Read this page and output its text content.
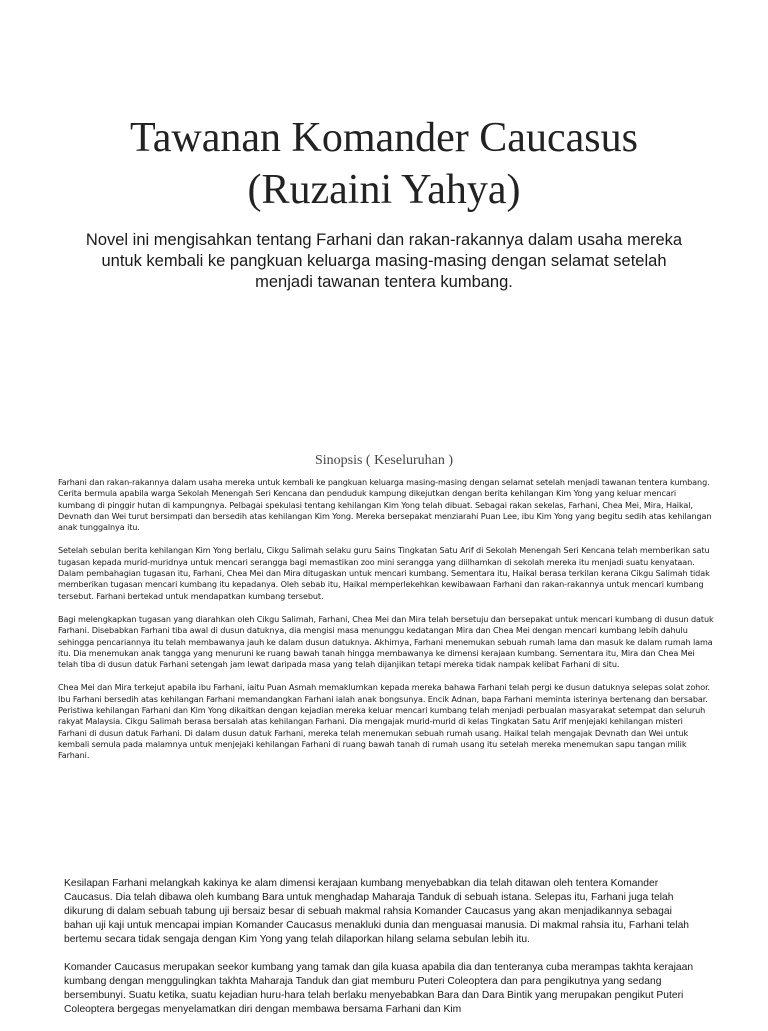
Tawanan Komander Caucasus (Ruzaini Yahya)

Novel ini mengisahkan tentang Farhani dan rakan-rakannya dalam usaha mereka untuk kembali ke pangkuan keluarga masing-masing dengan selamat setelah menjadi tawanan tentera kumbang.

Sinopsis ( Keseluruhan )

Farhani dan rakan-rakannya dalam usaha mereka untuk kembali ke pangkuan keluarga masing-masing dengan selamat setelah menjadi tawanan tentera kumbang. Cerita bermula apabila warga Sekolah Menengah Seri Kencana dan penduduk kampung dikejutkan dengan berita kehilangan Kim Yong yang keluar mencari kumbang di pinggir hutan di kampungnya. Pelbagai spekulasi tentang kehilangan Kim Yong telah dibuat. Sebagai rakan sekelas, Farhani, Chea Mei, Mira, Haikal, Devnath dan Wei turut bersimpati dan bersedih atas kehilangan Kim Yong. Mereka bersepakat menziarahi Puan Lee, ibu Kim Yong yang begitu sedih atas kehilangan anak tunggalnya itu.

Setelah sebulan berita kehilangan Kim Yong berlalu, Cikgu Salimah selaku guru Sains Tingkatan Satu Arif di Sekolah Menengah Seri Kencana telah memberikan satu tugasan kepada murid-muridnya untuk mencari serangga bagi memastikan zoo mini serangga yang diilhamkan di sekolah mereka itu menjadi suatu kenyataan. Dalam pembahagian tugasan itu, Farhani, Chea Mei dan Mira ditugaskan untuk mencari kumbang. Sementara itu, Haikal berasa terkilan kerana Cikgu Salimah tidak memberikan tugasan mencari kumbang itu kepadanya. Oleh sebab itu, Haikal memperlekehkan kewibawaan Farhani dan rakan-rakannya untuk mencari kumbang tersebut. Farhani bertekad untuk mendapatkan kumbang tersebut.

Bagi melengkapkan tugasan yang diarahkan oleh Cikgu Salimah, Farhani, Chea Mei dan Mira telah bersetuju dan bersepakat untuk mencari kumbang di dusun datuk Farhani. Disebabkan Farhani tiba awal di dusun datuknya, dia mengisi masa menunggu kedatangan Mira dan Chea Mei dengan mencari kumbang lebih dahulu sehingga pencariannya itu telah membawanya jauh ke dalam dusun datuknya. Akhirnya, Farhani menemukan sebuah rumah lama dan masuk ke dalam rumah lama itu. Dia menemukan anak tangga yang menuruni ke ruang bawah tanah hingga membawanya ke dimensi kerajaan kumbang. Sementara itu, Mira dan Chea Mei telah tiba di dusun datuk Farhani setengah jam lewat daripada masa yang telah dijanjikan tetapi mereka tidak nampak kelibat Farhani di situ.

Chea Mei dan Mira terkejut apabila ibu Farhani, iaitu Puan Asmah memaklumkan kepada mereka bahawa Farhani telah pergi ke dusun datuknya selepas solat zohor. Ibu Farhani bersedih atas kehilangan Farhani memandangkan Farhani ialah anak bongsunya. Encik Adnan, bapa Farhani meminta isterinya bertenang dan bersabar. Peristiwa kehilangan Farhani dan Kim Yong dikaitkan dengan kejadian mereka keluar mencari kumbang telah menjadi perbualan masyarakat setempat dan seluruh rakyat Malaysia. Cikgu Salimah berasa bersalah atas kehilangan Farhani. Dia mengajak murid-murid di kelas Tingkatan Satu Arif menjejaki kehilangan misteri Farhani di dusun datuk Farhani. Di dalam dusun datuk Farhani, mereka telah menemukan sebuah rumah usang. Haikal telah mengajak Devnath dan Wei untuk kembali semula pada malamnya untuk menjejaki kehilangan Farhani di ruang bawah tanah di rumah usang itu setelah mereka menemukan sapu tangan milik Farhani.

Kesilapan Farhani melangkah kakinya ke alam dimensi kerajaan kumbang menyebabkan dia telah ditawan oleh tentera Komander Caucasus. Dia telah dibawa oleh kumbang Bara untuk menghadap Maharaja Tanduk di sebuah istana. Selepas itu, Farhani juga telah dikurung di dalam sebuah tabung uji bersaiz besar di sebuah makmal rahsia Komander Caucasus yang akan menjadikannya sebagai bahan uji kaji untuk mencapai impian Komander Caucasus menakluki dunia dan menguasai manusia. Di makmal rahsia itu, Farhani telah bertemu secara tidak sengaja dengan Kim Yong yang telah dilaporkan hilang selama sebulan lebih itu.

Komander Caucasus merupakan seekor kumbang yang tamak dan gila kuasa apabila dia dan tenteranya cuba merampas takhta kerajaan kumbang dengan menggulingkan takhta Maharaja Tanduk dan giat memburu Puteri Coleoptera dan para pengikutnya yang sedang bersembunyi. Suatu ketika, suatu kejadian huru-hara telah berlaku menyebabkan Bara dan Dara Bintik yang merupakan pengikut Puteri Coleoptera bergegas menyelamatkan diri dengan membawa bersama Farhani dan Kim
